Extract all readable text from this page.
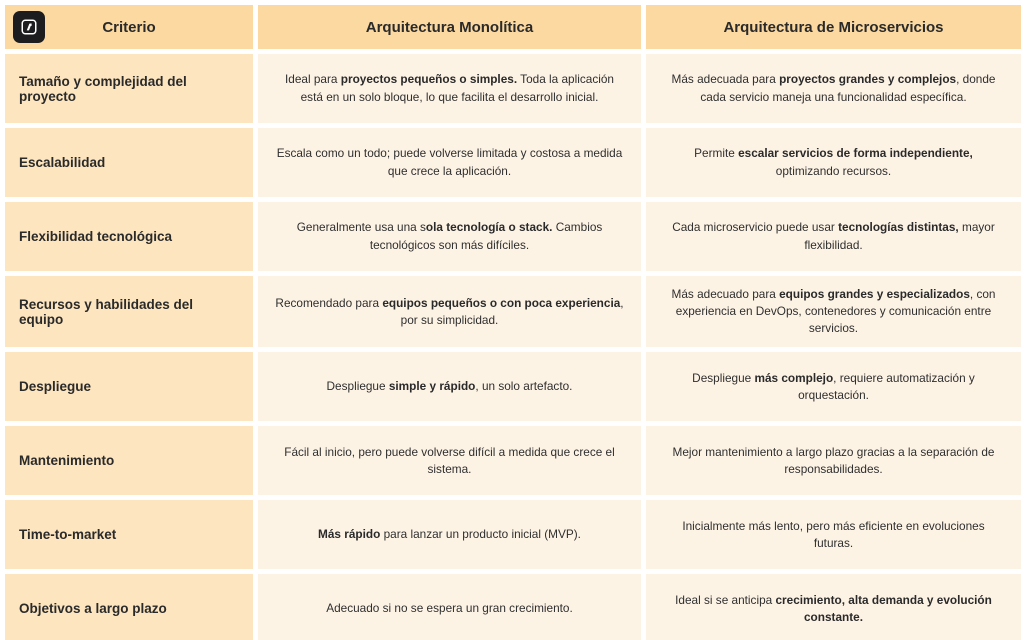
Criterio	Arquitectura Monolítica	Arquitectura de Microservicios
Tamaño y complejidad del proyecto	Ideal para proyectos pequeños o simples. Toda la aplicación está en un solo bloque, lo que facilita el desarrollo inicial.	Más adecuada para proyectos grandes y complejos, donde cada servicio maneja una funcionalidad específica.
Escalabilidad	Escala como un todo; puede volverse limitada y costosa a medida que crece la aplicación.	Permite escalar servicios de forma independiente, optimizando recursos.
Flexibilidad tecnológica	Generalmente usa una sola tecnología o stack. Cambios tecnológicos son más difíciles.	Cada microservicio puede usar tecnologías distintas, mayor flexibilidad.
Recursos y habilidades del equipo	Recomendado para equipos pequeños o con poca experiencia, por su simplicidad.	Más adecuado para equipos grandes y especializados, con experiencia en DevOps, contenedores y comunicación entre servicios.
Despliegue	Despliegue simple y rápido, un solo artefacto.	Despliegue más complejo, requiere automatización y orquestación.
Mantenimiento	Fácil al inicio, pero puede volverse difícil a medida que crece el sistema.	Mejor mantenimiento a largo plazo gracias a la separación de responsabilidades.
Time-to-market	Más rápido para lanzar un producto inicial (MVP).	Inicialmente más lento, pero más eficiente en evoluciones futuras.
Objetivos a largo plazo	Adecuado si no se espera un gran crecimiento.	Ideal si se anticipa crecimiento, alta demanda y evolución constante.
